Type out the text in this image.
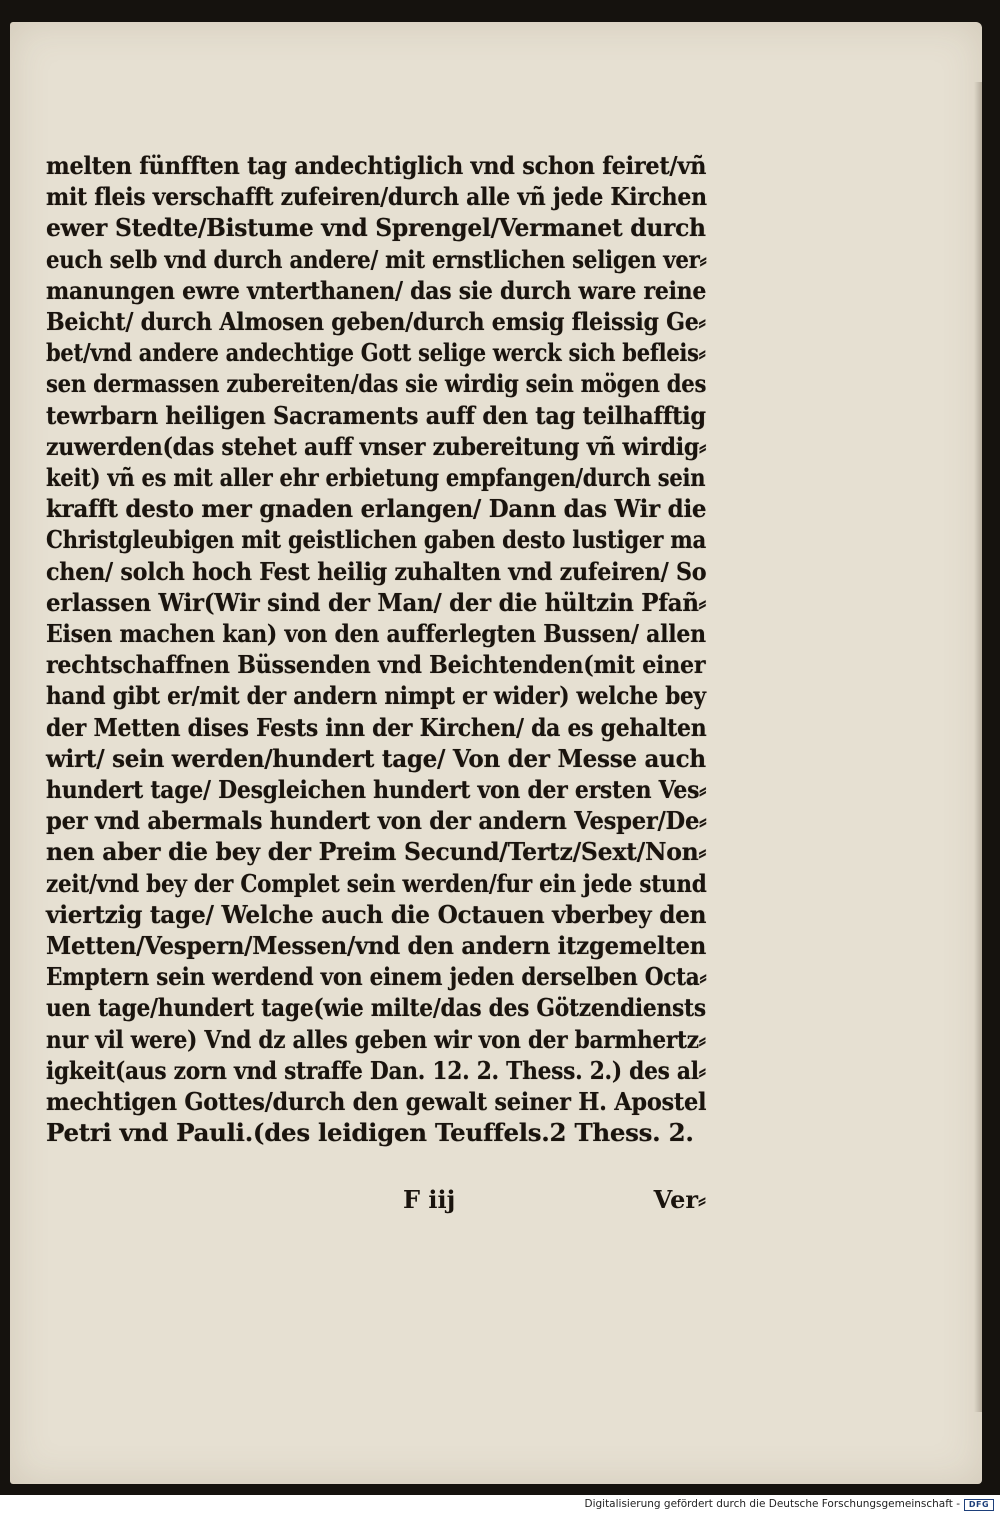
melten fünfften tag andechtiglich vnd schon feiret/vñ
mit fleis verschafft zufeiren/durch alle vñ jede Kirchen
ewer Stedte/Bistume vnd Sprengel/Vermanet durch
euch selb vnd durch andere/ mit ernstlichen seligen ver⸗
manungen ewre vnterthanen/ das sie durch ware reine
Beicht/ durch Almosen geben/durch emsig fleissig Ge⸗
bet/vnd andere andechtige Gott selige werck sich befleis⸗
sen dermassen zubereiten/das sie wirdig sein mögen des
tewrbarn heiligen Sacraments auff den tag teilhafftig
zuwerden(das stehet auff vnser zubereitung vñ wirdig⸗
keit) vñ es mit aller ehr erbietung empfangen/durch sein
krafft desto mer gnaden erlangen/ Dann das Wir die
Christgleubigen mit geistlichen gaben desto lustiger ma
chen/ solch hoch Fest heilig zuhalten vnd zufeiren/ So
erlassen Wir(Wir sind der Man/ der die hültzin Pfañ⸗
Eisen machen kan) von den aufferlegten Bussen/ allen
rechtschaffnen Büssenden vnd Beichtenden(mit einer
hand gibt er/mit der andern nimpt er wider) welche bey
der Metten dises Fests inn der Kirchen/ da es gehalten
wirt/ sein werden/hundert tage/ Von der Messe auch
hundert tage/ Desgleichen hundert von der ersten Ves⸗
per vnd abermals hundert von der andern Vesper/De⸗
nen aber die bey der Preim Secund/Tertz/Sext/Non⸗
zeit/vnd bey der Complet sein werden/fur ein jede stund
viertzig tage/ Welche auch die Octauen vberbey den
Metten/Vespern/Messen/vnd den andern itzgemelten
Emptern sein werdend von einem jeden derselben Octa⸗
uen tage/hundert tage(wie milte/das des Götzendiensts
nur vil were) Vnd dz alles geben wir von der barmhertz⸗
igkeit(aus zorn vnd straffe Dan. 12. 2. Thess. 2.) des al⸗
mechtigen Gottes/durch den gewalt seiner H. Apostel
Petri vnd Pauli.(des leidigen Teuffels.2 Thess. 2.
F iij	Ver⸗
Digitalisierung gefördert durch die Deutsche Forschungsgemeinschaft -	DFG
